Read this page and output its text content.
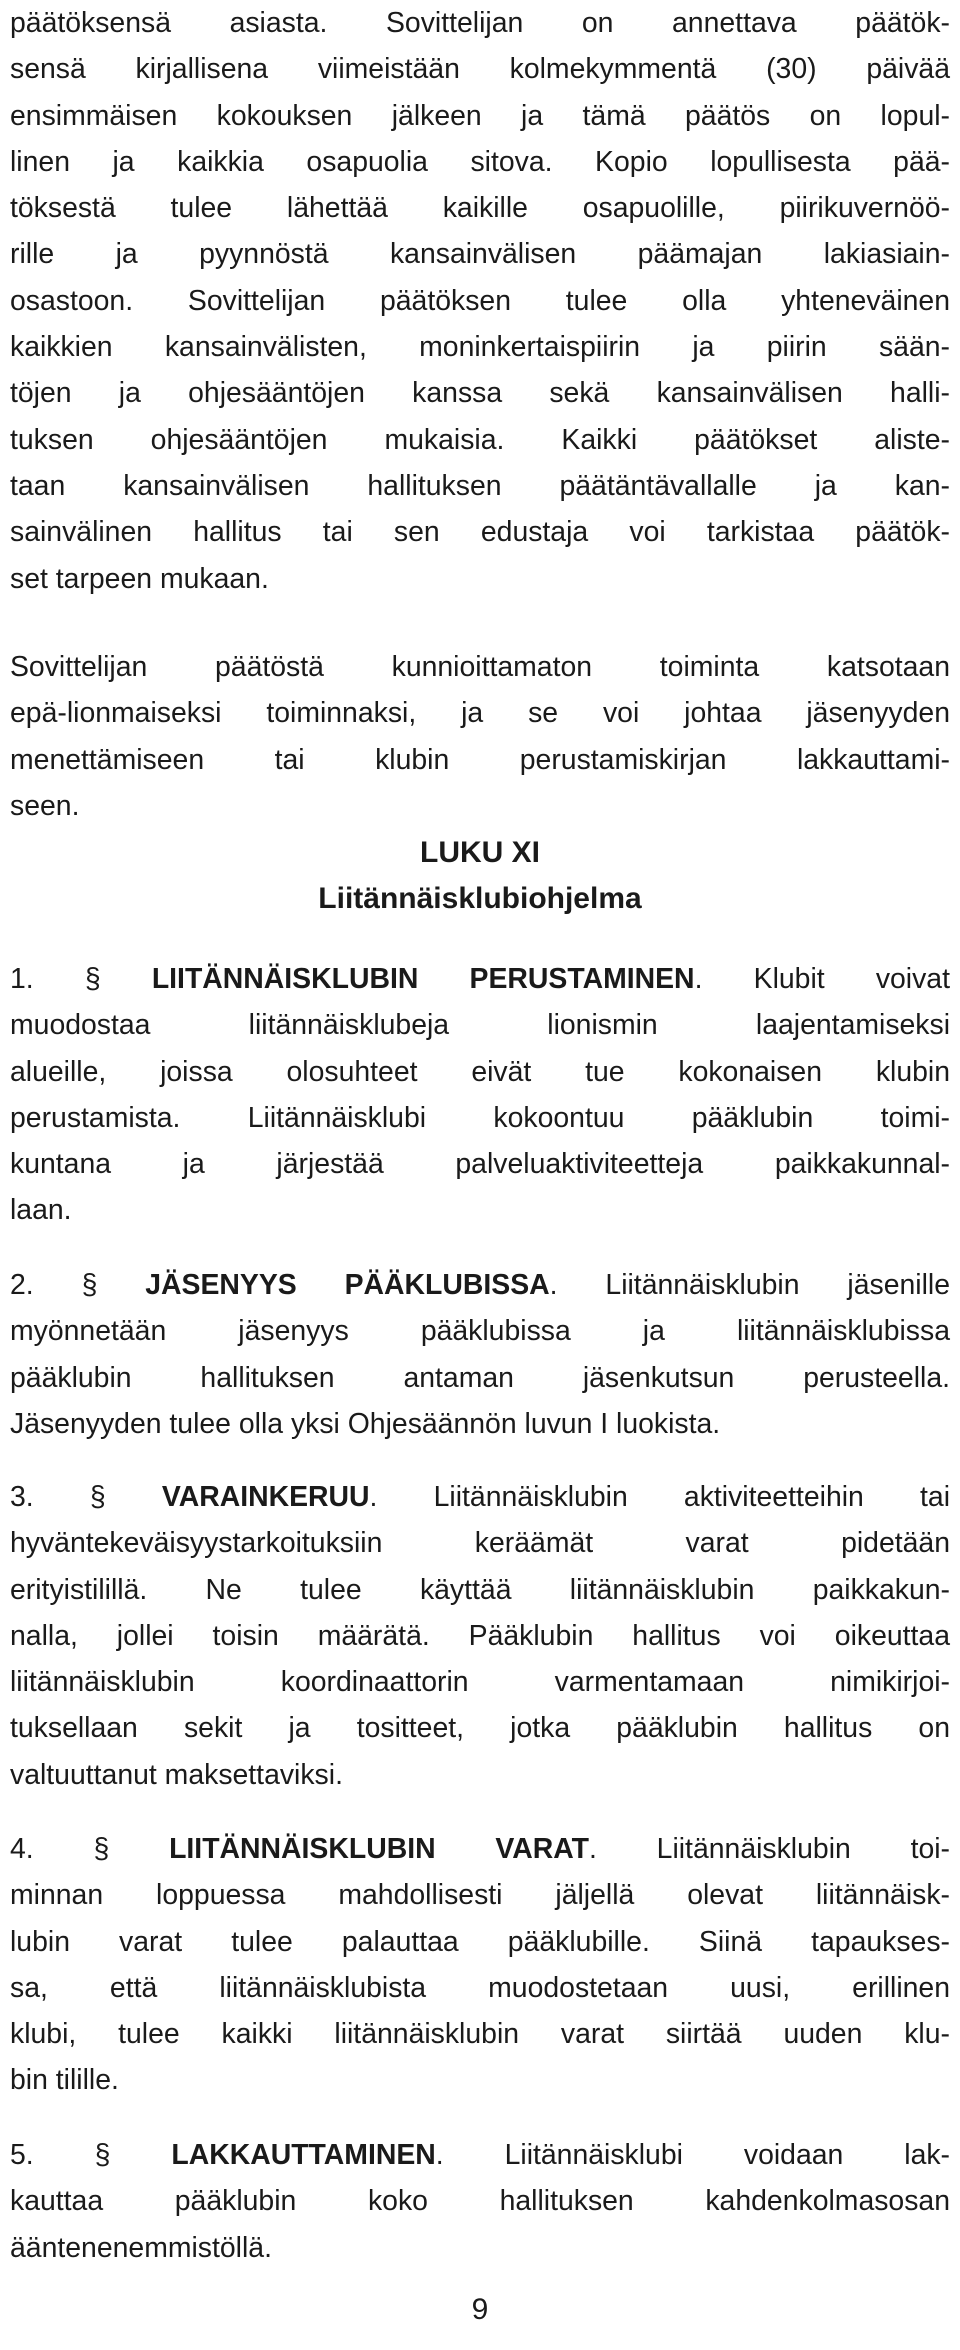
päätöksensä asiasta. Sovittelijan on annettava päätök-
sensä kirjallisena viimeistään kolmekymmentä (30) päivää
ensimmäisen kokouksen jälkeen ja tämä päätös on lopul-
linen ja kaikkia osapuolia sitova. Kopio lopullisesta pää-
töksestä tulee lähettää kaikille osapuolille, piirikuvernöö-
rille ja pyynnöstä kansainvälisen päämajan lakiasiain-
osastoon. Sovittelijan päätöksen tulee olla yhteneväinen
kaikkien kansainvälisten, moninkertaispiirin ja piirin sään-
töjen ja ohjesääntöjen kanssa sekä kansainvälisen halli-
tuksen ohjesääntöjen mukaisia. Kaikki päätökset aliste-
taan kansainvälisen hallituksen päätäntävallalle ja kan-
sainvälinen hallitus tai sen edustaja voi tarkistaa päätök-
set tarpeen mukaan.

Sovittelijan päätöstä kunnioittamaton toiminta katsotaan
epä-lionmaiseksi toiminnaksi, ja se voi johtaa jäsenyyden
menettämiseen tai klubin perustamiskirjan lakkauttami-
seen.

LUKU XI

Liitännäisklubiohjelma

1. § LIITÄNNÄISKLUBIN PERUSTAMINEN. Klubit voivat
muodostaa liitännäisklubeja lionismin laajentamiseksi
alueille, joissa olosuhteet eivät tue kokonaisen klubin
perustamista. Liitännäisklubi kokoontuu pääklubin toimi-
kuntana ja järjestää palveluaktiviteetteja paikkakunnal-
laan.

2. § JÄSENYYS PÄÄKLUBISSA. Liitännäisklubin jäsenille
myönnetään jäsenyys pääklubissa ja liitännäisklubissa
pääklubin hallituksen antaman jäsenkutsun perusteella.
Jäsenyyden tulee olla yksi Ohjesäännön luvun I luokista.

3. § VARAINKERUU. Liitännäisklubin aktiviteetteihin tai
hyväntekeväisyystarkoituksiin keräämät varat pidetään
erityistilillä. Ne tulee käyttää liitännäisklubin paikkakun-
nalla, jollei toisin määrätä. Pääklubin hallitus voi oikeuttaa
liitännäisklubin koordinaattorin varmentamaan nimikirjoi-
tuksellaan sekit ja tositteet, jotka pääklubin hallitus on
valtuuttanut maksettaviksi.

4. § LIITÄNNÄISKLUBIN VARAT. Liitännäisklubin toi-
minnan loppuessa mahdollisesti jäljellä olevat liitännäisk-
lubin varat tulee palauttaa pääklubille. Siinä tapaukses-
sa, että liitännäisklubista muodostetaan uusi, erillinen
klubi, tulee kaikki liitännäisklubin varat siirtää uuden klu-
bin tilille.

5. § LAKKAUTTAMINEN. Liitännäisklubi voidaan lak-
kauttaa pääklubin koko hallituksen kahdenkolmasosan
ääntenenemmistöllä.

9
